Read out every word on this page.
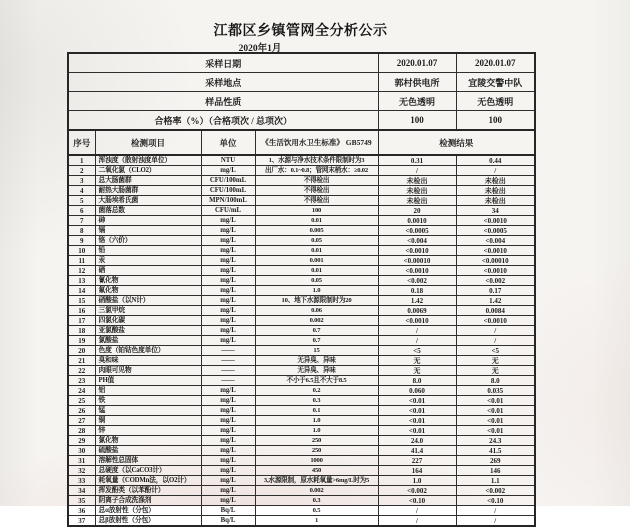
江都区乡镇管网全分析公示
2020年1月
采样日期				2020.01.07	2020.01.07
采样地点				郭村供电所	宜陵交警中队
样品性质				无色透明	无色透明
合格率（%）（合格项次 / 总项次）				100	100
序号	检测项目	单位	《生活饮用水卫生标准》 GB5749	检测结果	
1	浑浊度（散射浊度单位）	NTU	1、水源与净水技术条件限制时为3	0.31	0.44
2	二氧化氯（CLO2）	mg/L	出厂水：0.1~0.8；管网末梢水：≥0.02	/	/
3	总大肠菌群	CFU/100mL	不得检出	未检出	未检出
4	耐热大肠菌群	CFU/100mL	不得检出	未检出	未检出
5	大肠埃希氏菌	MPN/100mL	不得检出	未检出	未检出
6	菌落总数	CFU/mL	100	20	34
7	砷	mg/L	0.01	0.0010	<0.0010
8	镉	mg/L	0.005	<0.0005	<0.0005
9	铬（六价）	mg/L	0.05	<0.004	<0.004
10	铅	mg/L	0.01	<0.0010	<0.0010
11	汞	mg/L	0.001	<0.00010	<0.00010
12	硒	mg/L	0.01	<0.0010	<0.0010
13	氰化物	mg/L	0.05	<0.002	<0.002
14	氟化物	mg/L	1.0	0.18	0.17
15	硝酸盐（以N计）	mg/L	10、地下水源限制时为20	1.42	1.42
16	三氯甲烷	mg/L	0.06	0.0069	0.0084
17	四氯化碳	mg/L	0.002	<0.0010	<0.0010
18	亚氯酸盐	mg/L	0.7	/	/
19	氯酸盐	mg/L	0.7	/	/
20	色度（铂钴色度单位）	——	15	<5	<5
21	臭和味	——	无异臭、异味	无	无
22	肉眼可见物	——	无异臭、异味	无	无
23	PH值	——	不小于6.5且不大于8.5	8.0	8.0
24	铝	mg/L	0.2	0.060	0.035
25	铁	mg/L	0.3	<0.01	<0.01
26	锰	mg/L	0.1	<0.01	<0.01
27	铜	mg/L	1.0	<0.01	<0.01
28	锌	mg/L	1.0	<0.01	<0.01
29	氯化物	mg/L	250	24.0	24.3
30	硫酸盐	mg/L	250	41.4	41.5
31	溶解性总固体	mg/L	1000	227	269
32	总硬度（以CaCO3计）	mg/L	450	164	146
33	耗氧量（CODMn法，以O2计）	mg/L	3,水源限制，原水耗氧量>6mg/L时为5	1.0	1.1
34	挥发酚类（以苯酚计）	mg/L	0.002	<0.002	<0.002
35	阴离子合成洗涤剂	mg/L	0.3	<0.10	<0.10
36	总α放射性（分包）	Bq/L	0.5	/	/
37	总β放射性（分包）	Bq/L	1	/	/
